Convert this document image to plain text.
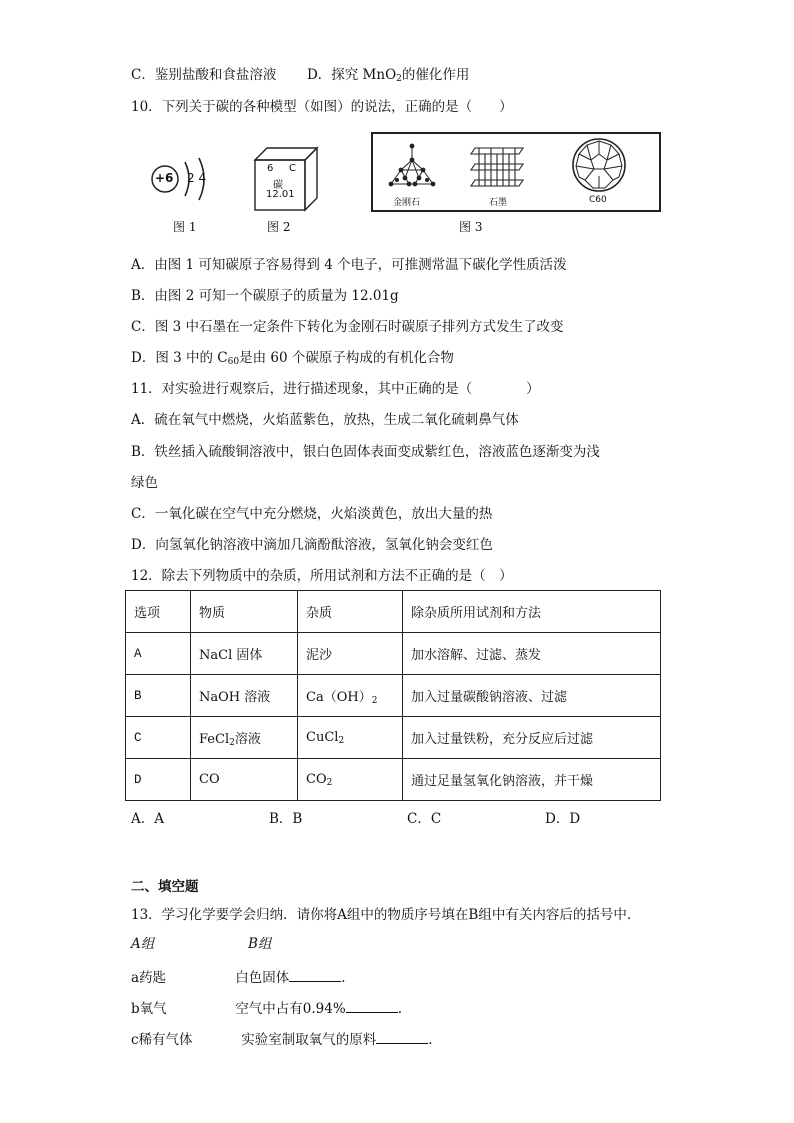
C．鉴别盐酸和食盐溶液 D．探究 MnO$_2$的催化作用
10．下列关于碳的各种模型（如图）的说法，正确的是（　　）
+6 2 4
图 1
6 C
碳
12.01
图 2
金刚石	石墨	C60
图 3
A．由图 1 可知碳原子容易得到 4 个电子，可推测常温下碳化学性质活泼
B．由图 2 可知一个碳原子的质量为 12.01g
C．图 3 中石墨在一定条件下转化为金刚石时碳原子排列方式发生了改变
D．图 3 中的 $C_{60}$是由 60 个碳原子构成的有机化合物
11．对实验进行观察后，进行描述现象，其中正确的是（　　　　）
A．硫在氧气中燃烧，火焰蓝紫色，放热，生成二氧化硫刺鼻气体
B．铁丝插入硫酸铜溶液中，银白色固体表面变成紫红色，溶液蓝色逐渐变为浅
绿色
C．一氧化碳在空气中充分燃烧，火焰淡黄色，放出大量的热
D．向氢氧化钠溶液中滴加几滴酚酞溶液，氢氧化钠会变红色
12．除去下列物质中的杂质，所用试剂和方法不正确的是（　）
选项	物质	杂质	除杂质所用试剂和方法
A	NaCl 固体	泥沙	加水溶解、过滤、蒸发
B	NaOH 溶液	$Ca(OH)_2$	加入过量碳酸钠溶液、过滤
C	FeCl$_2$溶液	CuCl$_2$	加入过量铁粉，充分反应后过滤
D	CO	$CO_2$	通过足量氢氧化钠溶液，并干燥
A．A	B．B	C．C	D．D
二、填空题
13．学习化学要学会归纳．请你将A组中的物质序号填在B组中有关内容后的括号中．
A组	B组
a药匙	白色固体	.
b氧气	空气中占有0.94%	.
c稀有气体	实验室制取氧气的原料	.
